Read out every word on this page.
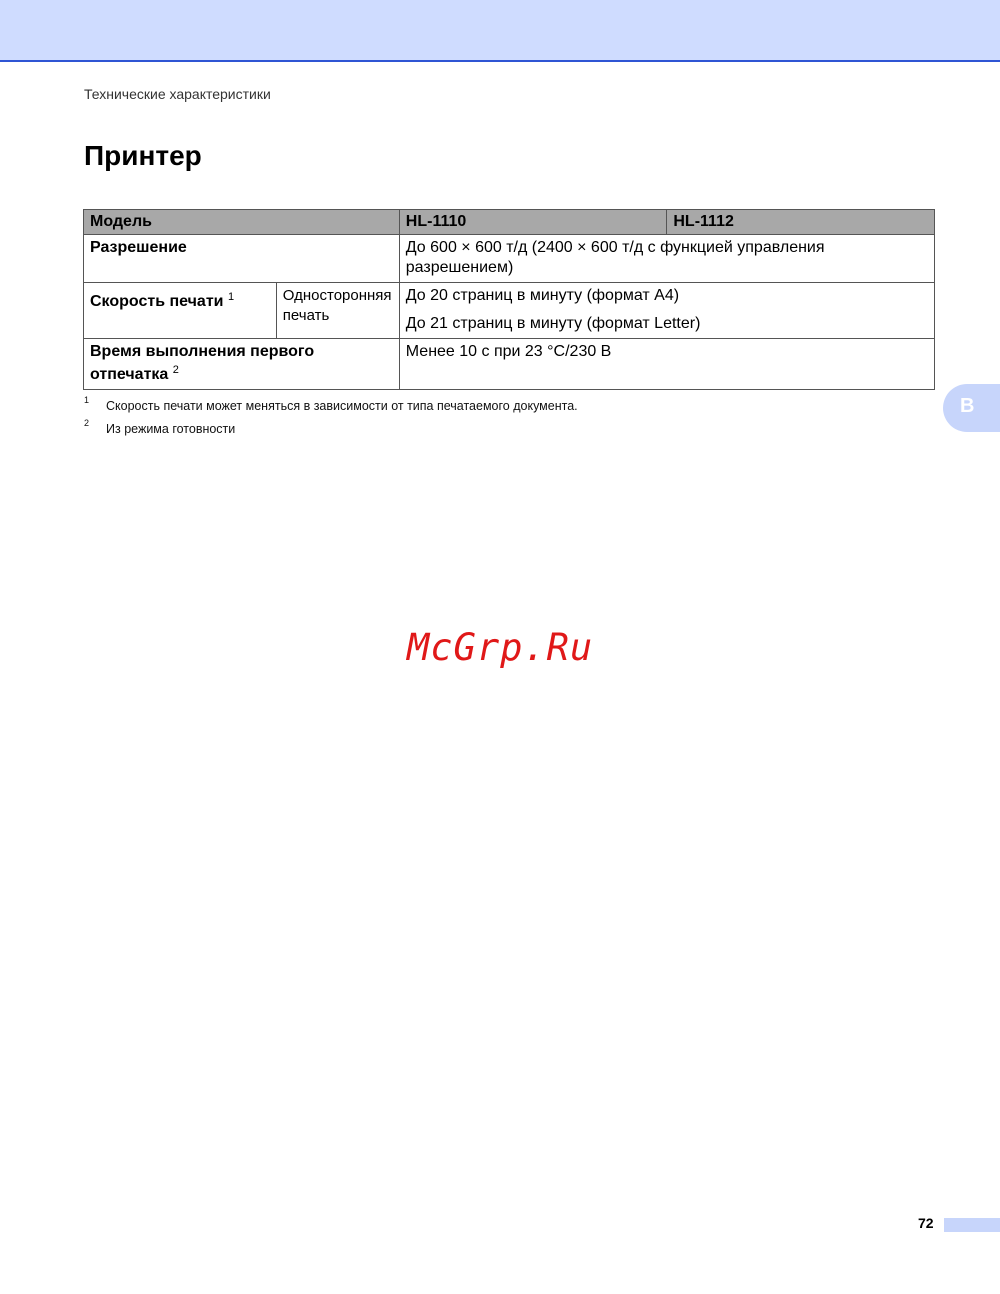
Технические характеристики
Принтер
Модель		HL-1110	HL-1112
Разрешение		До 600 × 600 т/д (2400 × 600 т/д с функцией управления разрешением)	

Скорость печати $^1$	Односторонняя печать	До 20 страниц в минуту (формат A4)
До 21 страниц в минуту (формат Letter)	

Время выполнения первого
отпечатка $^2$		Менее 10 с при 23 °C/230 В	
1 Скорость печати может меняться в зависимости от типа печатаемого документа.
2 Из режима готовности
B
McGrp.Ru
72
